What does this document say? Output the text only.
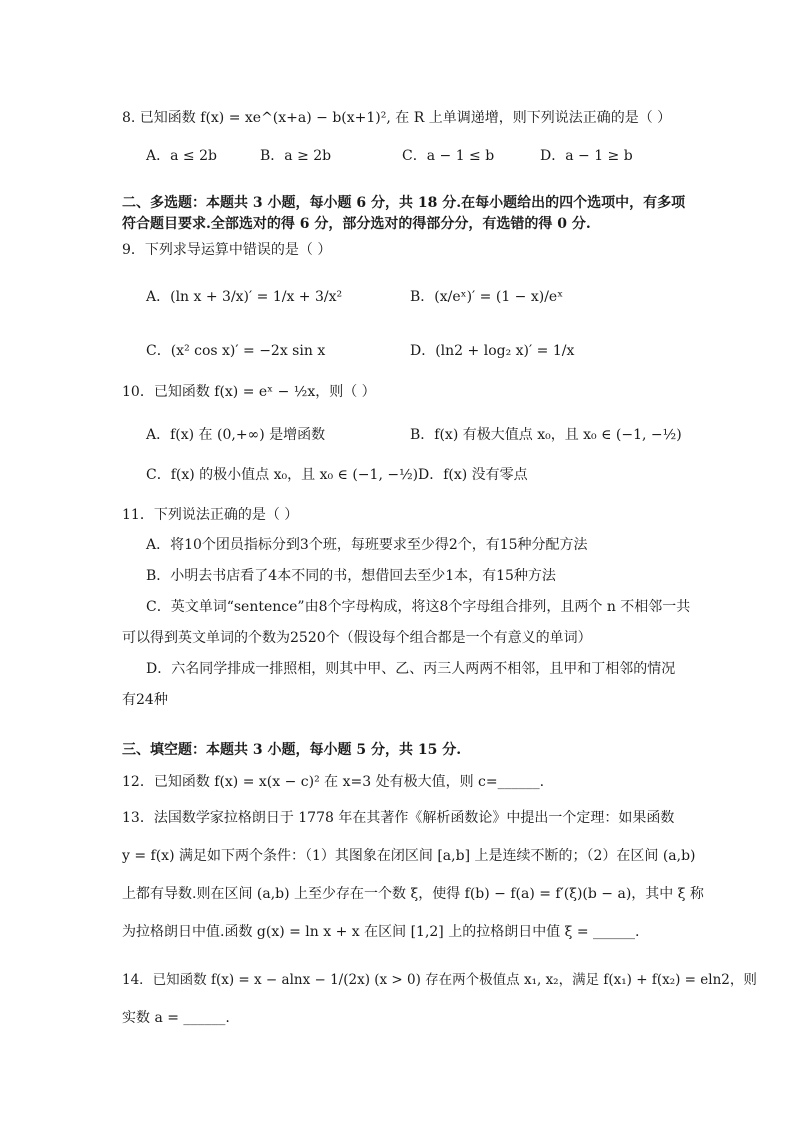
8. 已知函数 f(x) = xe^(x+a) − b(x+1)², 在 R 上单调递增，则下列说法正确的是（ ）
A．a ≤ 2b	B．a ≥ 2b	C．a − 1 ≤ b	D．a − 1 ≥ b
二、多选题：本题共 3 小题，每小题 6 分，共 18 分.在每小题给出的四个选项中，有多项
符合题目要求.全部选对的得 6 分，部分选对的得部分分，有选错的得 0 分.
9．下列求导运算中错误的是（ ）
A．(ln x + 3/x)′ = 1/x + 3/x²	B．(x/eˣ)′ = (1 − x)/eˣ
C．(x² cos x)′ = −2x sin x	D．(ln2 + log₂ x)′ = 1/x
10．已知函数 f(x) = eˣ − ½x，则（ ）
A．f(x) 在 (0,+∞) 是增函数	B．f(x) 有极大值点 x₀，且 x₀ ∈ (−1, −½)
C．f(x) 的极小值点 x₀，且 x₀ ∈ (−1, −½) D．f(x) 没有零点
11．下列说法正确的是（ ）
A．将10个团员指标分到3个班，每班要求至少得2个，有15种分配方法
B．小明去书店看了4本不同的书，想借回去至少1本，有15种方法
C．英文单词“sentence”由8个字母构成，将这8个字母组合排列，且两个 n 不相邻一共
可以得到英文单词的个数为2520个（假设每个组合都是一个有意义的单词）
D．六名同学排成一排照相，则其中甲、乙、丙三人两两不相邻，且甲和丁相邻的情况
有24种
三、填空题：本题共 3 小题，每小题 5 分，共 15 分.
12．已知函数 f(x) = x(x − c)² 在 x=3 处有极大值，则 c=______.
13．法国数学家拉格朗日于 1778 年在其著作《解析函数论》中提出一个定理：如果函数
y = f(x) 满足如下两个条件：（1）其图象在闭区间 [a,b] 上是连续不断的；（2）在区间 (a,b)
上都有导数.则在区间 (a,b) 上至少存在一个数 ξ，使得 f(b) − f(a) = f′(ξ)(b − a)，其中 ξ 称
为拉格朗日中值.函数 g(x) = ln x + x 在区间 [1,2] 上的拉格朗日中值 ξ = ______.
14．已知函数 f(x) = x − alnx − 1/(2x) (x > 0) 存在两个极值点 x₁, x₂，满足 f(x₁) + f(x₂) = eln2，则
实数 a = ______.
